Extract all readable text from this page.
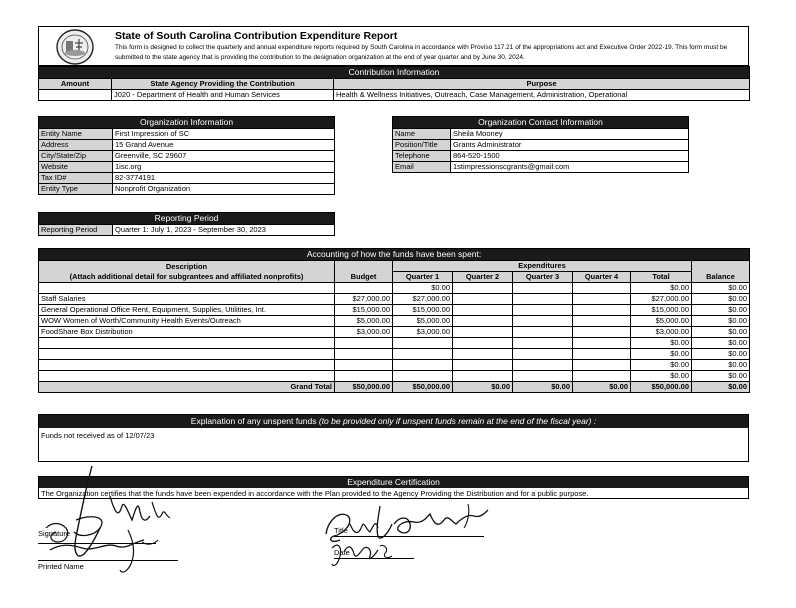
State of South Carolina Contribution Expenditure Report
This form is designed to collect the quarterly and annual expenditure reports required by South Carolina in accordance with Proviso 117.21 of the appropriations act and Executive Order 2022-19. This form must be submitted to the state agency that is providing the contribution to the designation organization at the end of year quarter and by June 30, 2024.
Contribution Information		
Amount	State Agency Providing the Contribution	Purpose
	J020 - Department of Health and Human Services	Health & Wellness Initiatives, Outreach, Case Management, Administration, Operational
Organization Information	
Entity Name	First Impression of SC
Address	15 Grand Avenue
City/State/Zip	Greenville, SC 29607
Website	1isc.org
Tax ID#	82-3774191
Entity Type	Nonprofit Organization
Organization Contact Information	
Name	Sheila Mooney
Position/Title	Grants Administrator
Telephone	864-520-1500
Email	1stimpressionscgrants@gmail.com
Reporting Period
Reporting Period	Quarter 1: July 1, 2023 - September 30, 2023
Accounting of how the funds have been spent:							

Description
(Attach additional detail for subgrantees and affiliated nonprofits)	Budget	Expenditures					Balance
		Quarter 1	Quarter 2	Quarter 3	Quarter 4	Total	
		$0.00				$0.00	$0.00
Staff Salaries	$27,000.00	$27,000.00				$27,000.00	$0.00
General Operational Office Rent, Equipment, Supplies, Utilitites, Int.	$15,000.00	$15,000.00				$15,000.00	$0.00
WOW Women of Worth/Community Health Events/Outreach	$5,000.00	$5,000.00				$5,000.00	$0.00
FoodShare Box Distribution	$3,000.00	$3,000.00				$3,000.00	$0.00
						$0.00	$0.00
						$0.00	$0.00
						$0.00	$0.00
						$0.00	$0.00
Grand Total	$50,000.00	$50,000.00	$0.00	$0.00	$0.00	$50,000.00	$0.00
Explanation of any unspent funds (to be provided only if unspent funds remain at the end of the fiscal year) :
Funds not received as of 12/07/23
Expenditure Certification
The Organization certifies that the funds have been expended in accordance with the Plan provided to the Agency Providing the Distribution and for a public purpose.
Signature
Printed Name
Title
Date
